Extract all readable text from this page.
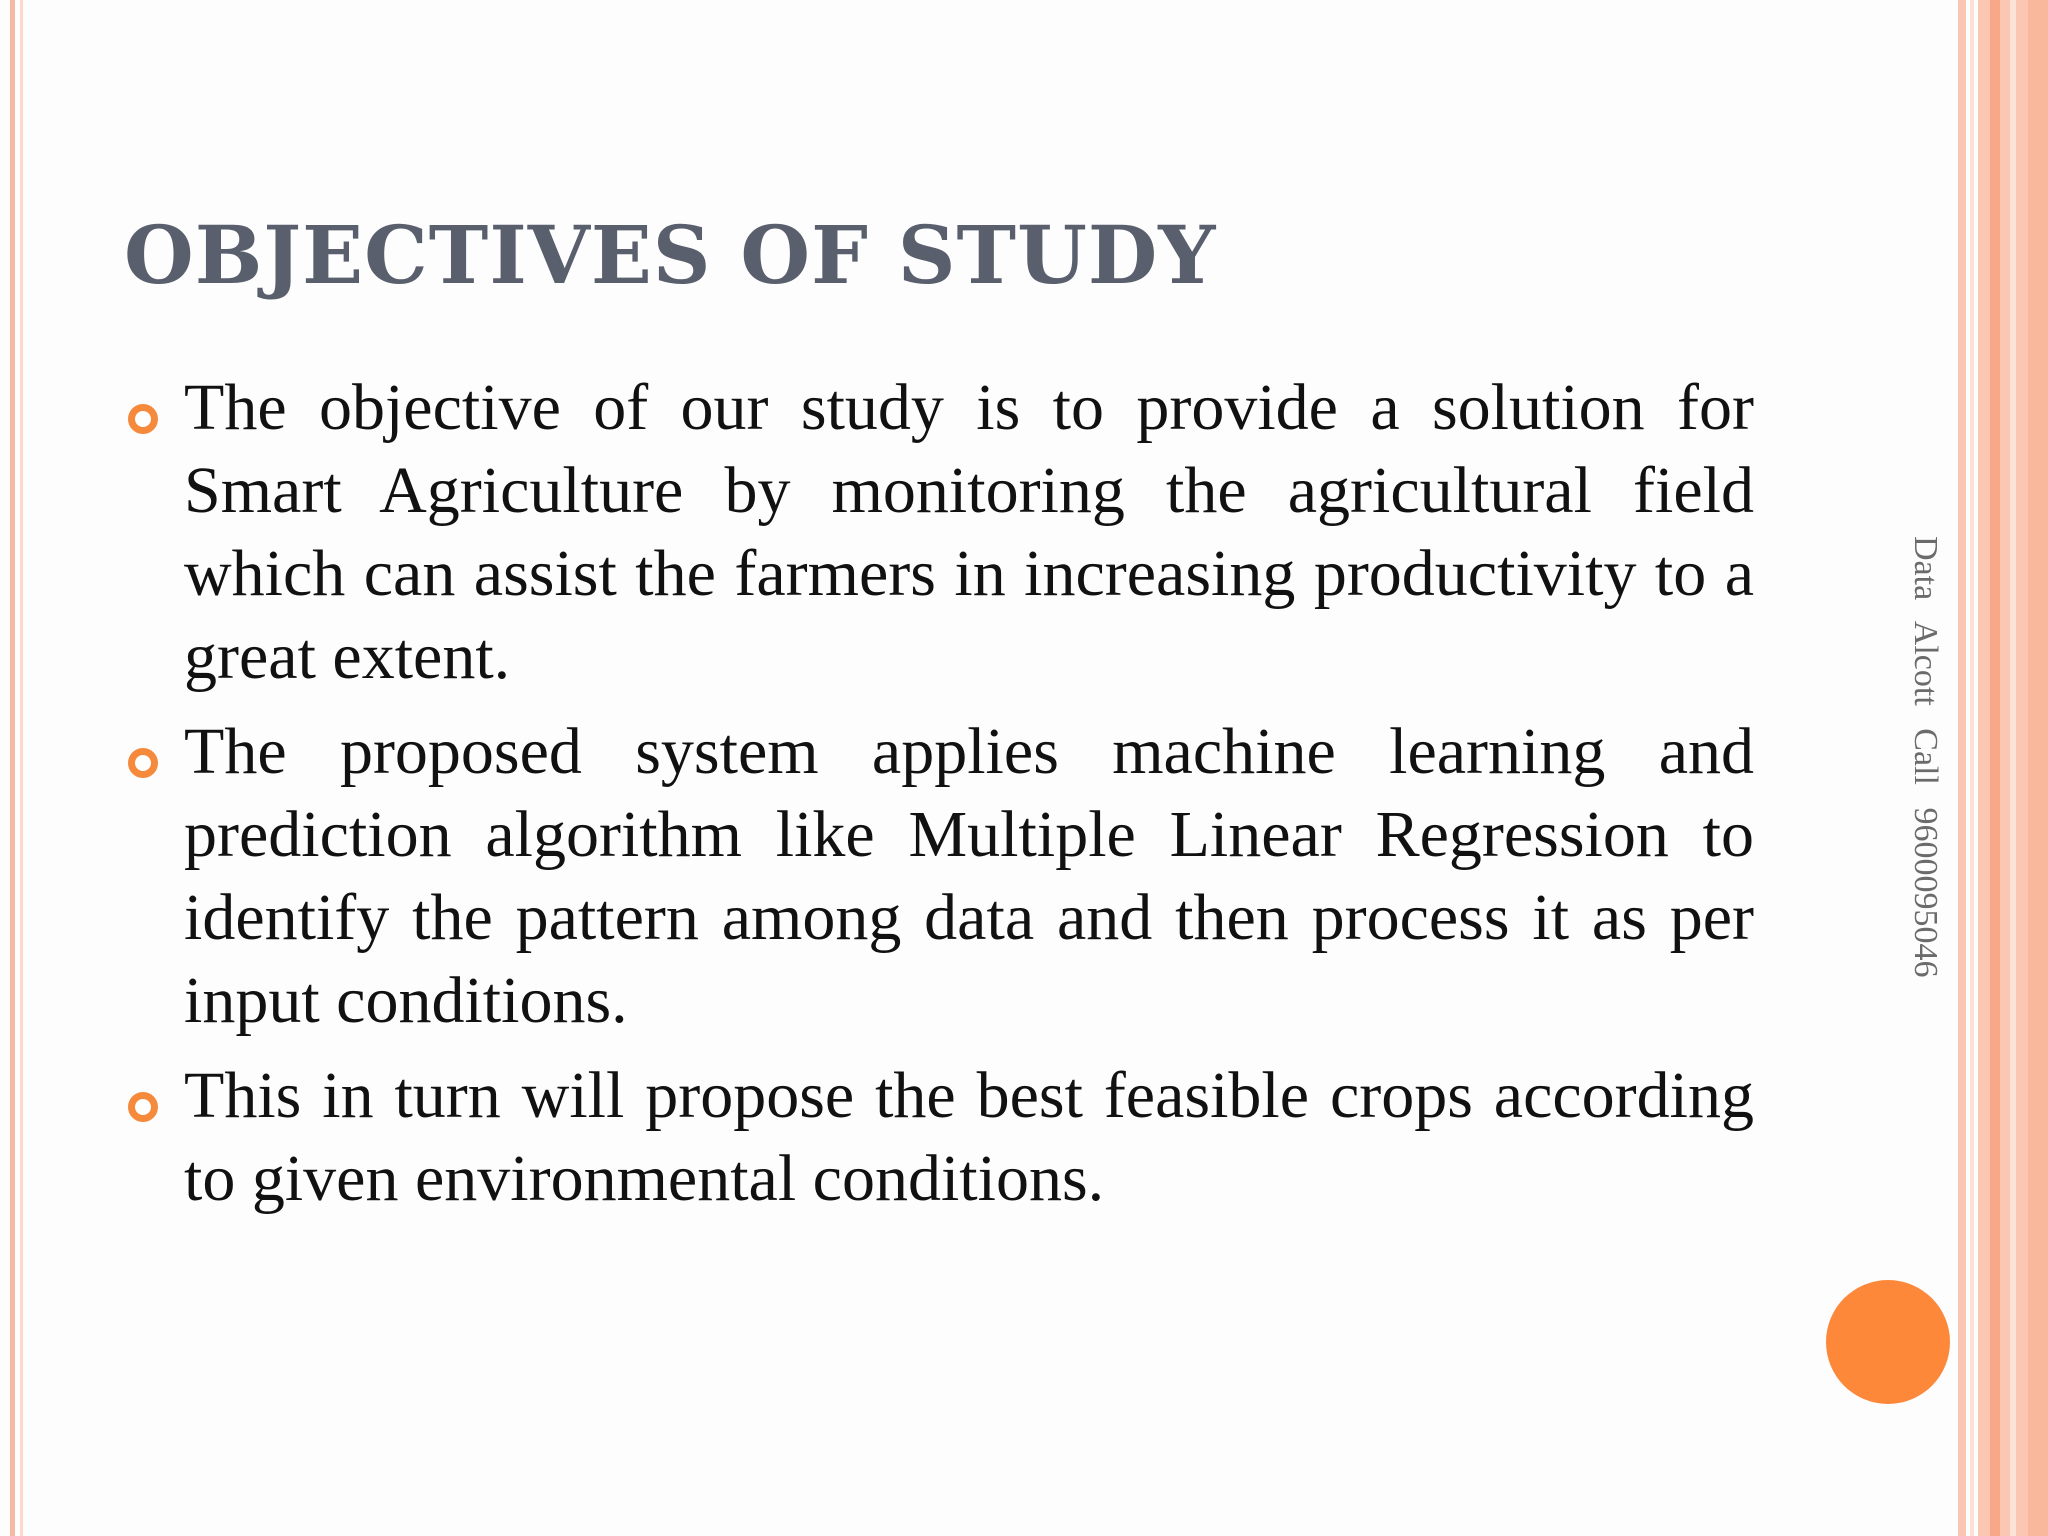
OBJECTIVES OF STUDY
The objective of our study is to provide a solution for Smart Agriculture by monitoring the agricultural field which can assist the farmers in increasing productivity to a great extent.
The proposed system applies machine learning and prediction algorithm like Multiple Linear Regression to identify the pattern among data and then process it as per input conditions.
This in turn will propose the best feasible crops according to given environmental conditions.
Data Alcott Call 9600095046
